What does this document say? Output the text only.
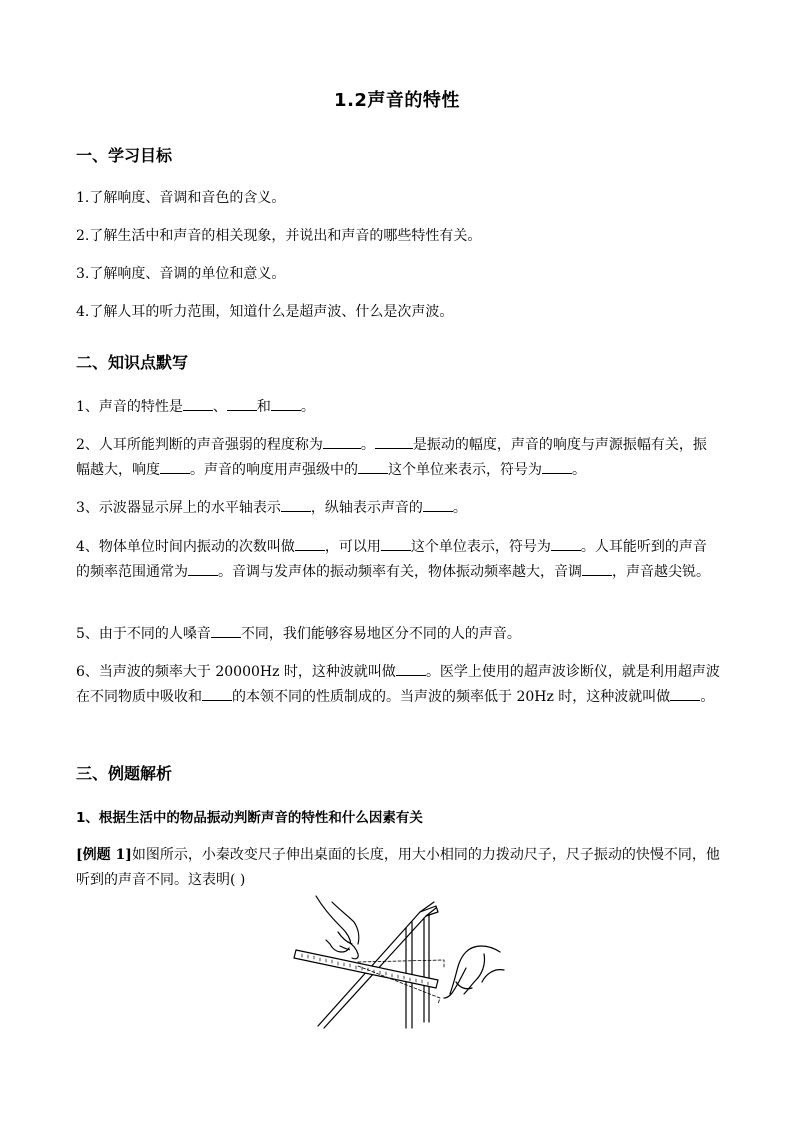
1.2声音的特性
一、学习目标
1.了解响度、音调和音色的含义。
2.了解生活中和声音的相关现象，并说出和声音的哪些特性有关。
3.了解响度、音调的单位和意义。
4.了解人耳的听力范围，知道什么是超声波、什么是次声波。
二、知识点默写
1、声音的特性是 、 和 。
2、人耳所能判断的声音强弱的程度称为	。	是振动的幅度，声音的响度与声源振幅有关，振幅越大，响度 。声音的响度用声强级中的 这个单位来表示，符号为 。
3、示波器显示屏上的水平轴表示 ，纵轴表示声音的 。
4、物体单位时间内振动的次数叫做 ，可以用 这个单位表示，符号为 。人耳能听到的声音的频率范围通常为 。音调与发声体的振动频率有关，物体振动频率越大，音调 ，声音越尖锐。
5、由于不同的人嗓音 不同，我们能够容易地区分不同的人的声音。
6、当声波的频率大于 20000Hz 时，这种波就叫做 。医学上使用的超声波诊断仪，就是利用超声波在不同物质中吸收和 的本领不同的性质制成的。当声波的频率低于 20Hz 时，这种波就叫做 。
三、例题解析
1、根据生活中的物品振动判断声音的特性和什么因素有关
[例题 1]如图所示，小秦改变尺子伸出桌面的长度，用大小相同的力拨动尺子，尺子振动的快慢不同，他听到的声音不同。这表明( )
